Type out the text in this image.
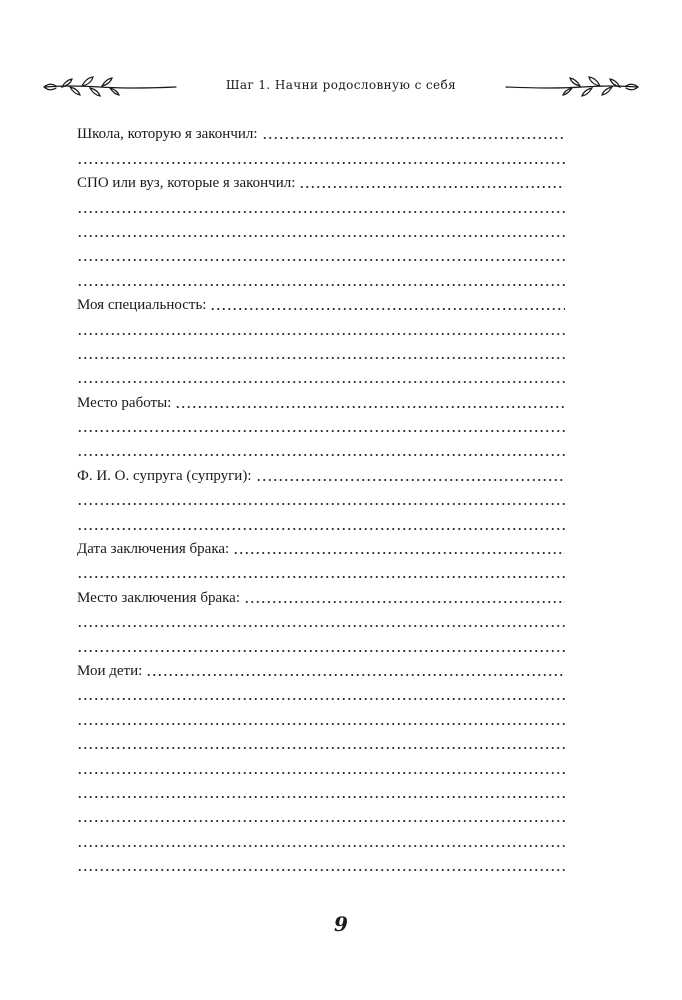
Шаг 1. Начни родословную с себя
Школа, которую я закончил:
СПО или вуз, которые я закончил:
Моя специальность:
Место работы:
Ф. И. О. супруга (супруги):
Дата заключения брака:
Место заключения брака:
Мои дети:
9
